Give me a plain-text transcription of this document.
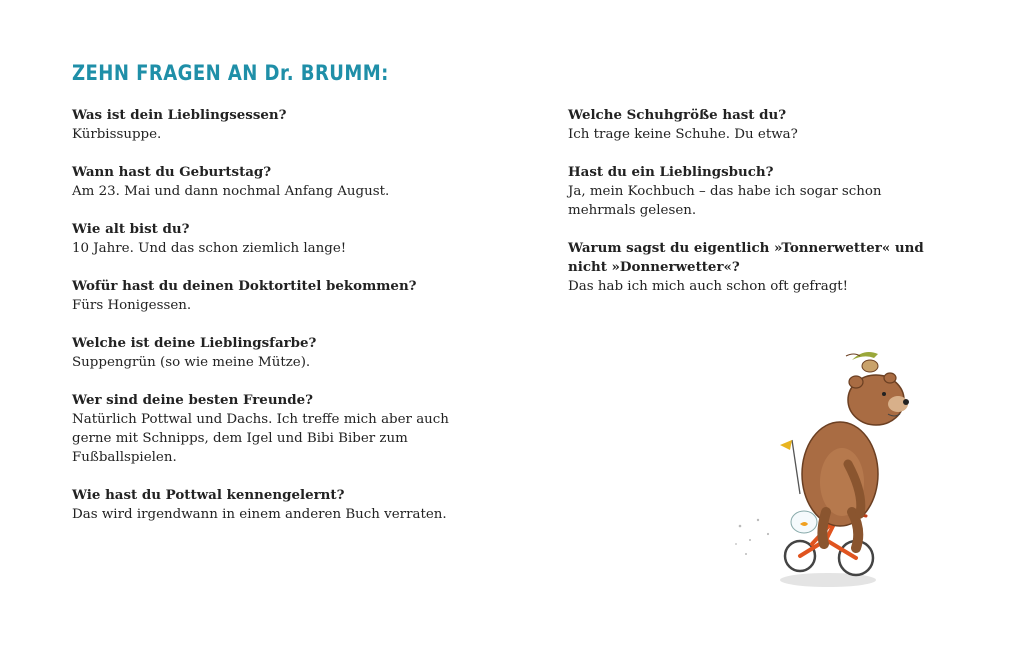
ZEHN FRAGEN AN Dr. BRUMM:
Was ist dein Lieblingsessen?
Kürbissuppe.
Wann hast du Geburtstag?
Am 23. Mai und dann nochmal Anfang August.
Wie alt bist du?
10 Jahre. Und das schon ziemlich lange!
Wofür hast du deinen Doktortitel bekommen?
Fürs Honigessen.
Welche ist deine Lieblingsfarbe?
Suppengrün (so wie meine Mütze).
Wer sind deine besten Freunde?
Natürlich Pottwal und Dachs. Ich treffe mich aber auch gerne mit Schnipps, dem Igel und Bibi Biber zum Fußballspielen.
Wie hast du Pottwal kennengelernt?
Das wird irgendwann in einem anderen Buch verraten.
Welche Schuhgröße hast du?
Ich trage keine Schuhe. Du etwa?
Hast du ein Lieblingsbuch?
Ja, mein Kochbuch – das habe ich sogar schon mehrmals gelesen.
Warum sagst du eigentlich »Tonnerwetter« und nicht »Donnerwetter«?
Das hab ich mich auch schon oft gefragt!
